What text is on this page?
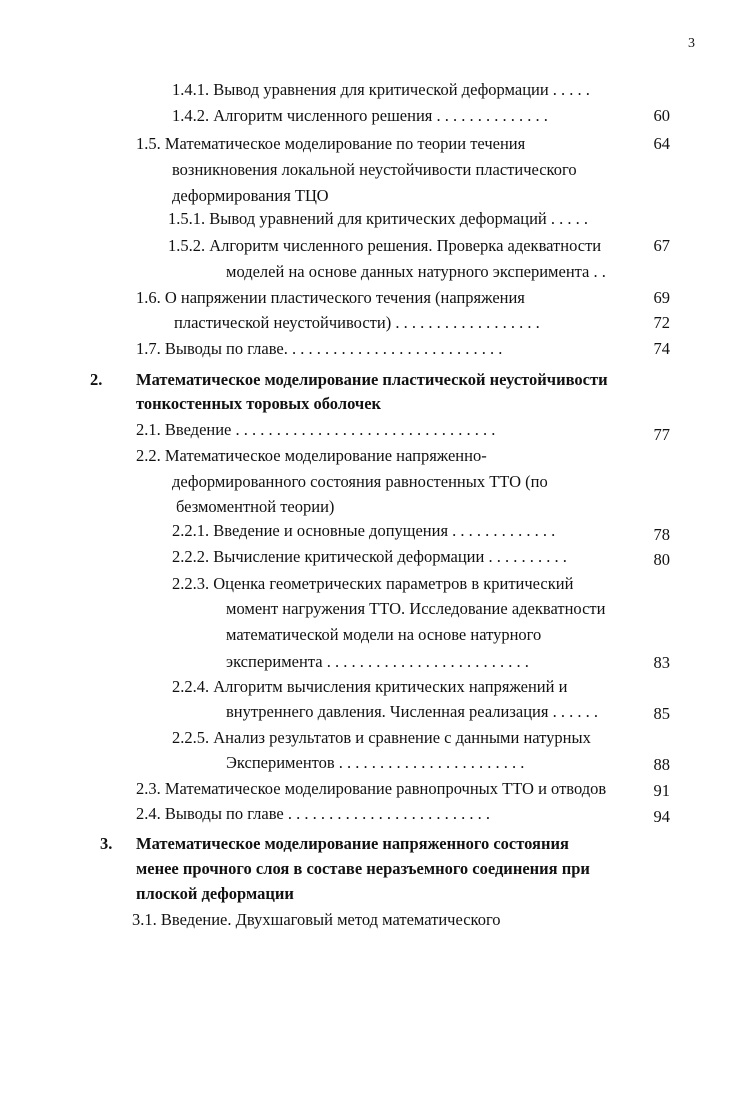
3
1.4.1. Вывод уравнения для критической деформации . . . . .
1.4.2. Алгоритм численного решения . . . . . . . . . . . . . .	60
1.5. Математическое моделирование по теории течения	64
возникновения локальной неустойчивости пластического
деформирования ТЦО
1.5.1. Вывод уравнений для критических деформаций . . . . .
1.5.2. Алгоритм численного решения. Проверка адекватности	67
моделей на основе данных натурного эксперимента . .
1.6. О напряжении пластического течения (напряжения	69
пластической неустойчивости) . . . . . . . . . . . . . . . . . .	72
1.7. Выводы по главе. . . . . . . . . . . . . . . . . . . . . . . . . . .	74
2. Математическое моделирование пластической неустойчивости
тонкостенных торовых оболочек
2.1. Введение . . . . . . . . . . . . . . . . . . . . . . . . . . . . . . . .	77
2.2. Математическое моделирование напряженно-
деформированного состояния равностенных ТТО (по
безмоментной теории)
2.2.1. Введение и основные допущения . . . . . . . . . . . . .	78
2.2.2. Вычисление критической деформации . . . . . . . . . .	80
2.2.3. Оценка геометрических параметров в критический
момент нагружения ТТО. Исследование адекватности
математической модели на основе натурного
эксперимента . . . . . . . . . . . . . . . . . . . . . . . . .	83
2.2.4. Алгоритм вычисления критических напряжений и
внутреннего давления. Численная реализация . . . . . .	85
2.2.5. Анализ результатов и сравнение с данными натурных
Экспериментов . . . . . . . . . . . . . . . . . . . . . . .	88
2.3. Математическое моделирование равнопрочных ТТО и отводов	91
2.4. Выводы по главе . . . . . . . . . . . . . . . . . . . . . . . . .	94
3. Математическое моделирование напряженного состояния
менее прочного слоя в составе неразъемного соединения при
плоской деформации
3.1. Введение. Двухшаговый метод математического
